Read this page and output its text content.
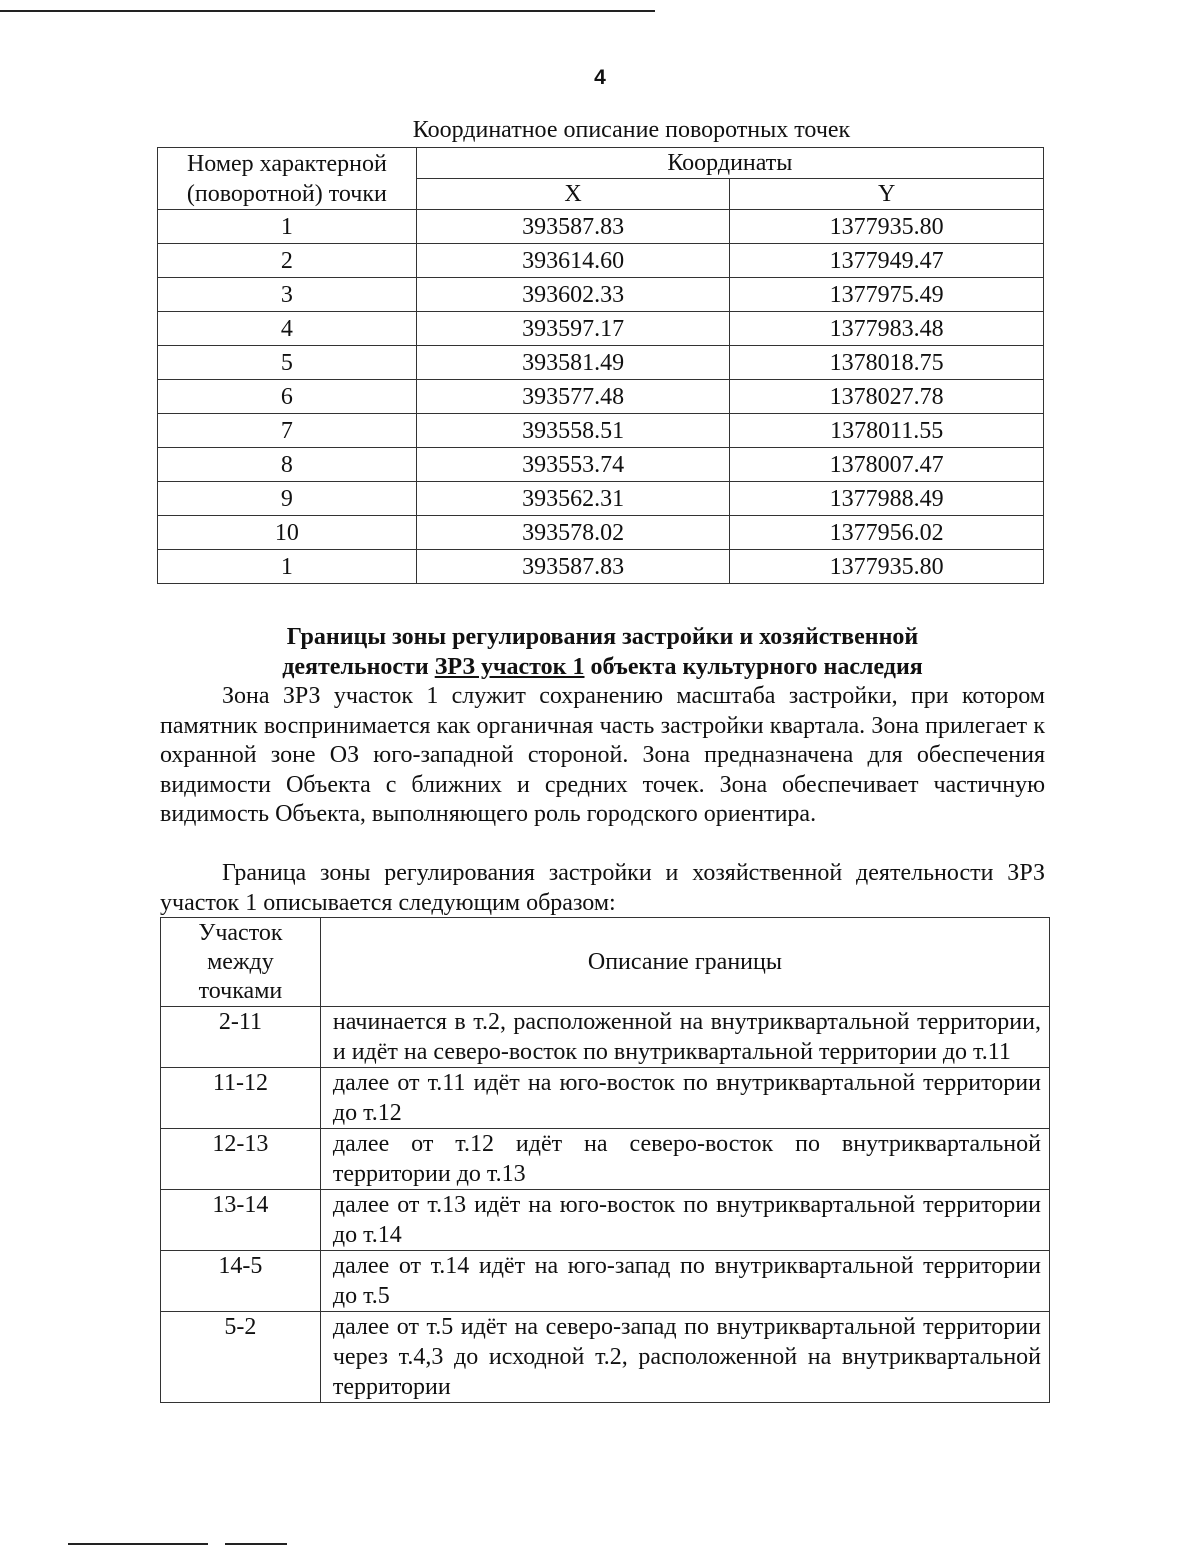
4
Координатное описание поворотных точек
Номер характерной
(поворотной) точки	Координаты	
	X	Y
1	393587.83	1377935.80
2	393614.60	1377949.47
3	393602.33	1377975.49
4	393597.17	1377983.48
5	393581.49	1378018.75
6	393577.48	1378027.78
7	393558.51	1378011.55
8	393553.74	1378007.47
9	393562.31	1377988.49
10	393578.02	1377956.02
1	393587.83	1377935.80
Границы зоны регулирования застройки и хозяйственной
деятельности ЗРЗ участок 1 объекта культурного наследия
Зона ЗРЗ участок 1 служит сохранению масштаба застройки, при котором памятник воспринимается как органичная часть застройки квартала. Зона прилегает к охранной зоне ОЗ юго-западной стороной. Зона предназначена для обеспечения видимости Объекта с ближних и средних точек. Зона обеспечивает частичную видимость Объекта, выполняющего роль городского ориентира.
Граница зоны регулирования застройки и хозяйственной деятельности ЗРЗ участок 1 описывается следующим образом:
Участок
между
точками	Описание границы
2-11	начинается в т.2, расположенной на внутриквартальной территории, и идёт на северо-восток по внутриквартальной территории до т.11
11-12	далее от т.11 идёт на юго-восток по внутриквартальной территории до т.12
12-13	далее от т.12 идёт на северо-восток по внутриквартальной территории до т.13
13-14	далее от т.13 идёт на юго-восток по внутриквартальной территории до т.14
14-5	далее от т.14 идёт на юго-запад по внутриквартальной территории до т.5
5-2	далее от т.5 идёт на северо-запад по внутриквартальной территории через т.4,3 до исходной т.2, расположенной на внутриквартальной территории
